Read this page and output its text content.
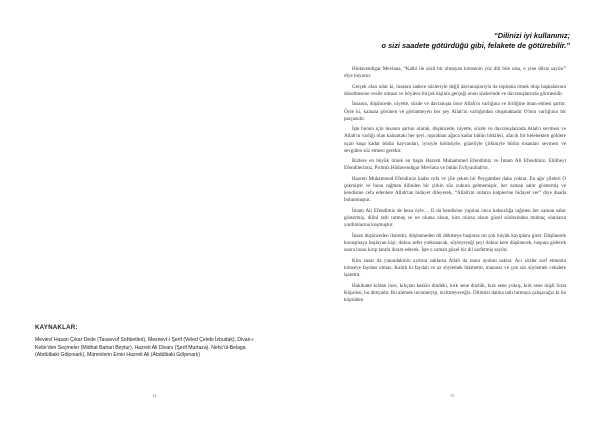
KAYNAKLAR:
Mevlevî Hasan Çıkar Dede (Tasavvuf Sohbetleri), Mesnevî-i Şerif (Veled Çelebi İzbudak), Divan-ı Kebir'den Seçmeler (Midhat Bahari Beytur), Hazreti Ali Divanı (Şerif Murtaza), Nehc'ül-Belaga (Abdülbaki Gölpınarlı), Müminlerin Emiri Hazreti Ali (Abdülbaki Gölpınarlı)
14
“Dilinizi iyi kullanınız;
o sizi saadete götürdüğü gibi, felakete de götürebilir.”

Hüdavendigar Mevlana, “Kalbi ile sözü bir olmayan kimsenin yüz dili bile olsa, o yine dilsiz sayılır” diye buyurur.

Gerçek olan odur ki, insanın sadece sözleriyle değil davranışlarıyla da topluma örnek olup başkalarının düzelmesine vesile olması ve böylece birçok kişinin gerçeği onun sözlerinde ve davranışlarında görmesidir.

İnsanın, düşüncede, niyette, sözde ve davranışta önce Allah'ın varlığına ve birliğine iman etmesi şarttır. Öyle ki, kainata görünen ve görünmeyen her şey Allah'ın varlığından oluşmaktadır O'nun varlığının bir parçasıdır.

İşte bunun için insanın şartını olarak, düşüncede, niyette, sözde ve davranışlarında Allah'ı sevmesi ve Allah'ın varlığı olan kainattaki her şeyi, topraktan ağaca kadar bütün bitkileri, afacık bir kelebekten göklere uçan kuşa kadar bütün hayvanları, iyisiyle kötüsüyle, güzeliyle çirkiniyle bütün insanları sevmesi ve sevgiden söz etmesi gerekir.

Bizlere en büyük örnek en başta Hazreti Muhammed Efendimiz ve İmam Ali Efendimiz, Ehlibeyt Efendilerimiz, Pirimiz Hüdavendigar Mevlana ve bütün Evliyaullah'tır.

Hazreti Muhammed Efendimiz kadar cefa ve çile çeken bir Peygamber daha yoktur. En ağır çileleri O çekmiştir ve buna rağmen dilinden bir çirkin söz zuhura gelmemiştir, her zaman sabır göstermiş ve kendisine cefa edenlere Allah'tan hidayet dileyerek, “Allah'ım onların kalplerine hidayet ver” diye duada bulunmuştur.

İmam Ali Efendimiz de keza öyle… O da kendisine yapılan onca haksızlığa rağmen her zaman sabır göstermiş, dilini tatlı tutmuş ve ne olursa olsun, kim olursa olsun güzel sözlerinden muhtaç olanların yardımlarına koşmuştur.

İnsan düşünceden ibarettir, düşünmeden dil dökmeye başlarsa mi çok büyük kayıplara girer. Düşünerek konuşmaya başlayan kişi; dokuz sefer yutkunacak, söyleyeceği şeyi dokuz kere düşünecek, hoşuna gidecek sonra bunu kırıp tarafa ikram edecek. İşte o zaman güzel bir dil sarfetmiş sayılır.

Kim susar da yanındakinin ayıbını saklarsa Allah da onun ayıbını saklar. Acı sözler sarf etmenin kimseye faydası olmaz. Kalıtlı ki faydalı ve az söylemek hikmettir, manasız ve çok söz söylemek cehalete işarettir.

Hakikatte kıldan ince, kılıçtan keskin dindeki, kırk sene düzlük, kırk sene yokuş, kırk sene inişli Sırat Köprüsü, bu dünyadır. Bu alemde incinmeyip, incitmeyeceğiz. Dilimizi daima tatlı tutmaya çalışacağız ki bu köprüden

15
